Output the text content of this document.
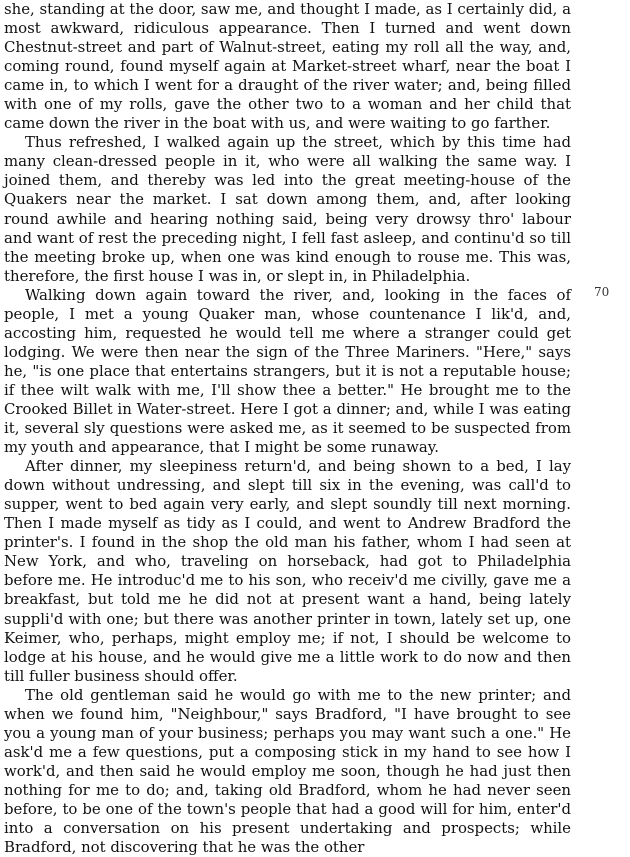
she, standing at the door, saw me, and thought I made, as I certainly did, a most awkward, ridiculous appearance. Then I turned and went down Chestnut-street and part of Walnut-street, eating my roll all the way, and, coming round, found myself again at Market-street wharf, near the boat I came in, to which I went for a draught of the river water; and, being filled with one of my rolls, gave the other two to a woman and her child that came down the river in the boat with us, and were waiting to go farther.

Thus refreshed, I walked again up the street, which by this time had many clean-dressed people in it, who were all walking the same way. I joined them, and thereby was led into the great meeting-house of the Quakers near the market. I sat down among them, and, after looking round awhile and hearing nothing said, being very drowsy thro' labour and want of rest the preceding night, I fell fast asleep, and continu'd so till the meeting broke up, when one was kind enough to rouse me. This was, therefore, the first house I was in, or slept in, in Philadelphia.

Walking down again toward the river, and, looking in the faces of people, I met a young Quaker man, whose countenance I lik'd, and, accosting him, requested he would tell me where a stranger could get lodging. We were then near the sign of the Three Mariners. "Here," says he, "is one place that entertains strangers, but it is not a reputable house; if thee wilt walk with me, I'll show thee a better." He brought me to the Crooked Billet in Water-street. Here I got a dinner; and, while I was eating it, several sly questions were asked me, as it seemed to be suspected from my youth and appearance, that I might be some runaway.

After dinner, my sleepiness return'd, and being shown to a bed, I lay down without undressing, and slept till six in the evening, was call'd to supper, went to bed again very early, and slept soundly till next morning. Then I made myself as tidy as I could, and went to Andrew Bradford the printer's. I found in the shop the old man his father, whom I had seen at New York, and who, traveling on horseback, had got to Philadelphia before me. He introduc'd me to his son, who receiv'd me civilly, gave me a breakfast, but told me he did not at present want a hand, being lately suppli'd with one; but there was another printer in town, lately set up, one Keimer, who, perhaps, might employ me; if not, I should be welcome to lodge at his house, and he would give me a little work to do now and then till fuller business should offer.

The old gentleman said he would go with me to the new printer; and when we found him, "Neighbour," says Bradford, "I have brought to see you a young man of your business; perhaps you may want such a one." He ask'd me a few questions, put a composing stick in my hand to see how I work'd, and then said he would employ me soon, though he had just then nothing for me to do; and, taking old Bradford, whom he had never seen before, to be one of the town's people that had a good will for him, enter'd into a conversation on his present undertaking and prospects; while Bradford, not discovering that he was the other

70
